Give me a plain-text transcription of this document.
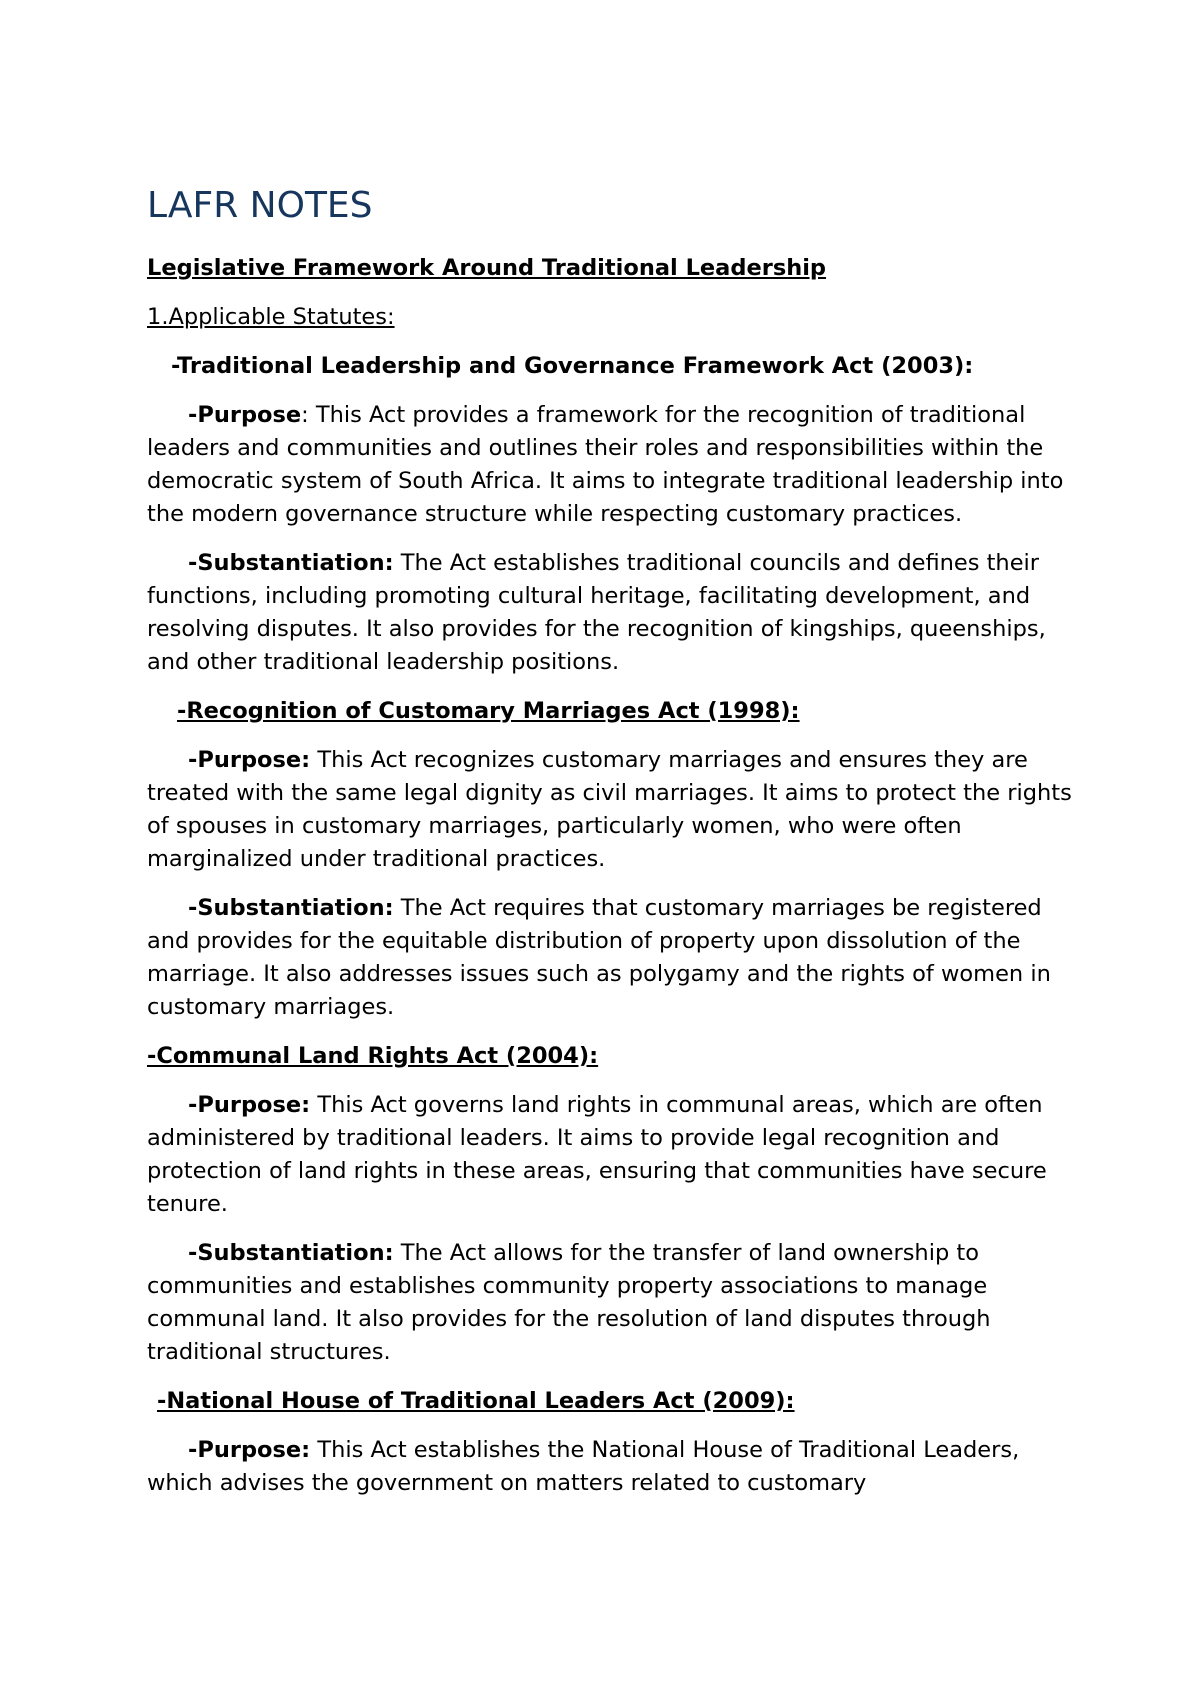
LAFR NOTES
Legislative Framework Around Traditional Leadership
1.Applicable Statutes:
-Traditional Leadership and Governance Framework Act (2003):

-Purpose: This Act provides a framework for the recognition of traditional leaders and communities and outlines their roles and responsibilities within the democratic system of South Africa. It aims to integrate traditional leadership into the modern governance structure while respecting customary practices.

-Substantiation: The Act establishes traditional councils and defines their functions, including promoting cultural heritage, facilitating development, and resolving disputes. It also provides for the recognition of kingships, queenships, and other traditional leadership positions.

-Recognition of Customary Marriages Act (1998):

-Purpose: This Act recognizes customary marriages and ensures they are treated with the same legal dignity as civil marriages. It aims to protect the rights of spouses in customary marriages, particularly women, who were often marginalized under traditional practices.

-Substantiation: The Act requires that customary marriages be registered and provides for the equitable distribution of property upon dissolution of the marriage. It also addresses issues such as polygamy and the rights of women in customary marriages.

-Communal Land Rights Act (2004):

-Purpose: This Act governs land rights in communal areas, which are often administered by traditional leaders. It aims to provide legal recognition and protection of land rights in these areas, ensuring that communities have secure tenure.

-Substantiation: The Act allows for the transfer of land ownership to communities and establishes community property associations to manage communal land. It also provides for the resolution of land disputes through traditional structures.

-National House of Traditional Leaders Act (2009):

-Purpose: This Act establishes the National House of Traditional Leaders, which advises the government on matters related to customary
